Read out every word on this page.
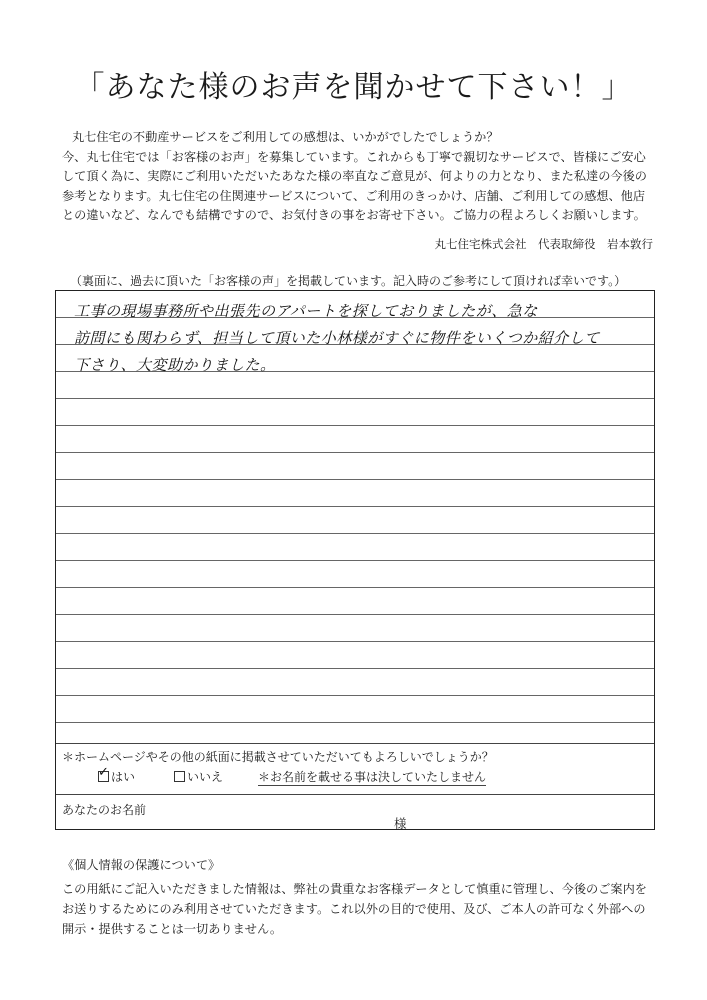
「あなた様のお声を聞かせて下さい！」

丸七住宅の不動産サービスをご利用しての感想は、いかがでしたでしょうか？

今、丸七住宅では「お客様のお声」を募集しています。これからも丁寧で親切なサービスで、皆様にご安心

して頂く為に、実際にご利用いただいたあなた様の率直なご意見が、何よりの力となり、また私達の今後の

参考となります。丸七住宅の住関連サービスについて、ご利用のきっかけ、店舗、ご利用しての感想、他店

との違いなど、なんでも結構ですので、お気付きの事をお寄せ下さい。ご協力の程よろしくお願いします。

丸七住宅株式会社　代表取締役　岩本敦行
（裏面に、過去に頂いた「お客様の声」を掲載しています。記入時のご参考にして頂ければ幸いです。）

工事の現場事務所や出張先のアパートを探しておりましたが、急な

訪問にも関わらず、担当して頂いた小林様がすぐに物件をいくつか紹介して

下さり、大変助かりました。

＊ホームページやその他の紙面に掲載させていただいてもよろしいでしょうか？
✓ はい	いいえ	＊お名前を載せる事は決していたしません
あなたのお名前
様
《個人情報の保護について》

この用紙にご記入いただきました情報は、弊社の貴重なお客様データとして慎重に管理し、今後のご案内を

お送りするためにのみ利用させていただきます。これ以外の目的で使用、及び、ご本人の許可なく外部への

開示・提供することは一切ありません。
